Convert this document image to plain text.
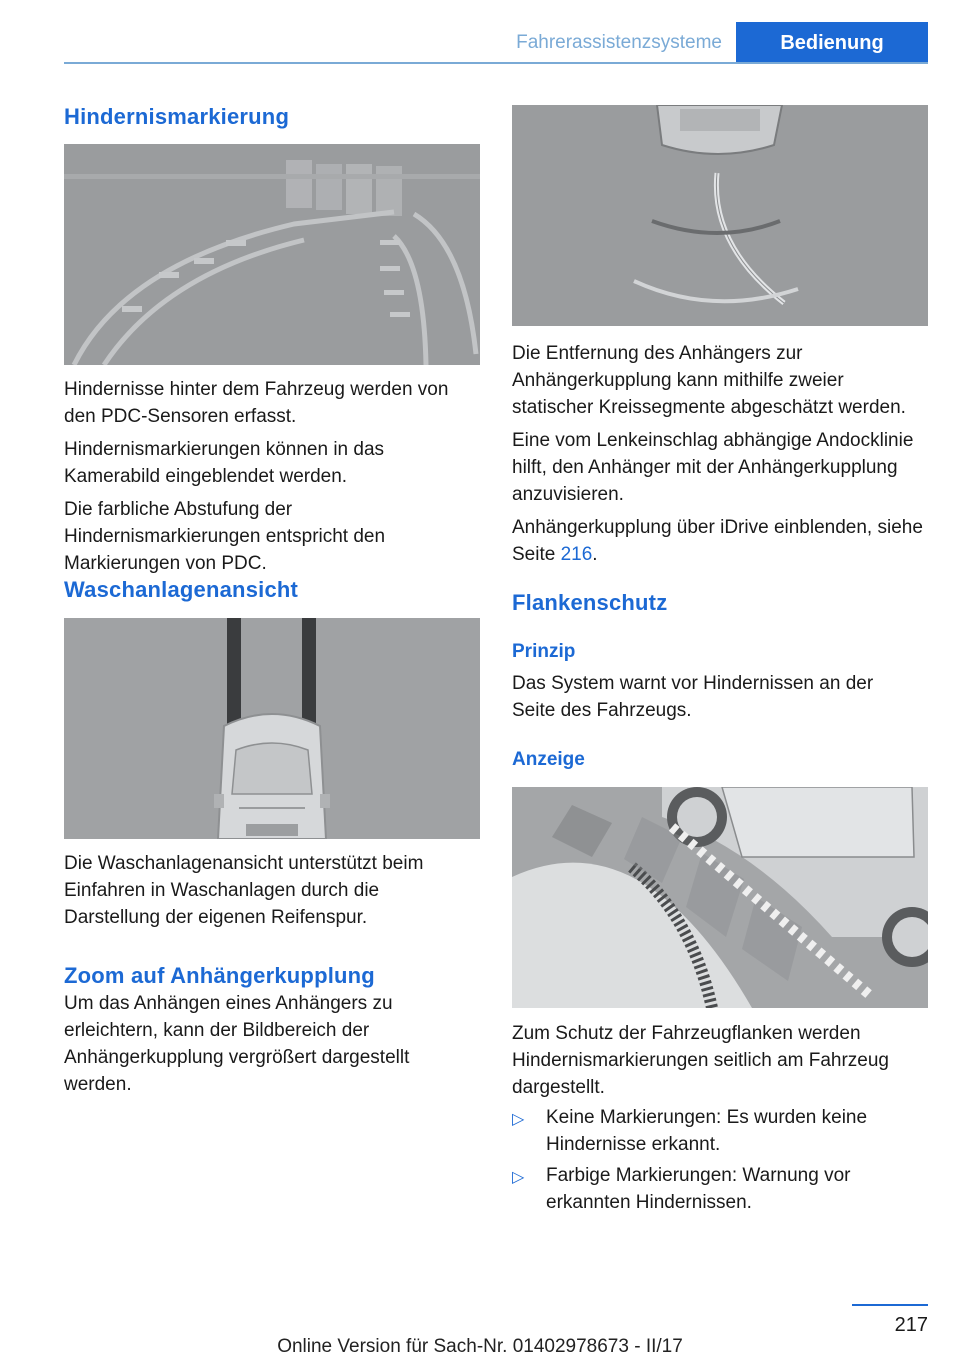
Fahrerassistenzsysteme	Bedienung
Hindernismarkierung

Hindernisse hinter dem Fahrzeug werden von den PDC-Sensoren erfasst.

Hindernismarkierungen können in das Kamerabild eingeblendet werden.

Die farbliche Abstufung der Hindernismarkierungen entspricht den Markierungen von PDC.

Waschanlagenansicht

Die Waschanlagenansicht unterstützt beim Einfahren in Waschanlagen durch die Darstellung der eigenen Reifenspur.

Zoom auf Anhängerkupplung

Um das Anhängen eines Anhängers zu erleichtern, kann der Bildbereich der Anhängerkupplung vergrößert dargestellt werden.

Die Entfernung des Anhängers zur Anhängerkupplung kann mithilfe zweier statischer Kreissegmente abgeschätzt werden.

Eine vom Lenkeinschlag abhängige Andocklinie hilft, den Anhänger mit der Anhängerkupplung anzuvisieren.

Anhängerkupplung über iDrive einblenden, siehe Seite 216.

Flankenschutz
Prinzip

Das System warnt vor Hindernissen an der Seite des Fahrzeugs.

Anzeige

Zum Schutz der Fahrzeugflanken werden Hindernismarkierungen seitlich am Fahrzeug dargestellt.

▷ Keine Markierungen: Es wurden keine Hindernisse erkannt.
▷ Farbige Markierungen: Warnung vor erkannten Hindernissen.
217
Online Version für Sach-Nr. 01402978673 - II/17
